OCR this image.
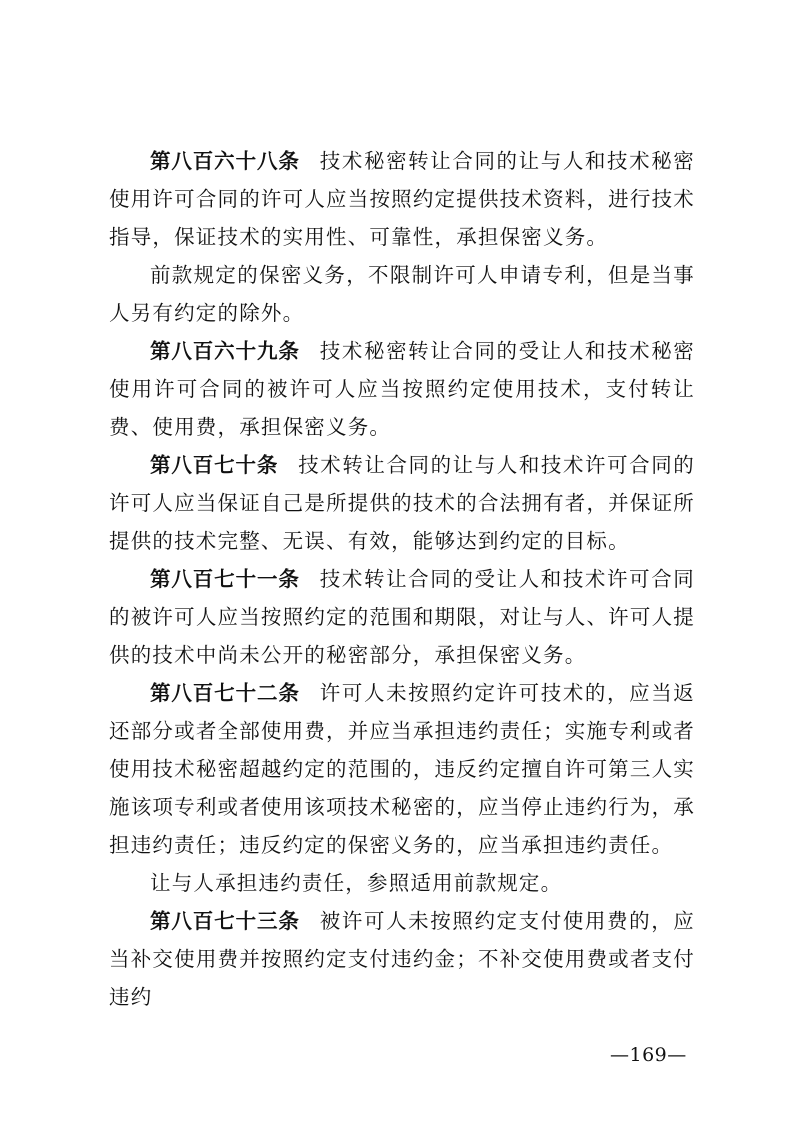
第八百六十八条 技术秘密转让合同的让与人和技术秘密使用许可合同的许可人应当按照约定提供技术资料，进行技术指导，保证技术的实用性、可靠性，承担保密义务。

前款规定的保密义务，不限制许可人申请专利，但是当事人另有约定的除外。

第八百六十九条 技术秘密转让合同的受让人和技术秘密使用许可合同的被许可人应当按照约定使用技术，支付转让费、使用费，承担保密义务。

第八百七十条 技术转让合同的让与人和技术许可合同的许可人应当保证自己是所提供的技术的合法拥有者，并保证所提供的技术完整、无误、有效，能够达到约定的目标。

第八百七十一条 技术转让合同的受让人和技术许可合同的被许可人应当按照约定的范围和期限，对让与人、许可人提供的技术中尚未公开的秘密部分，承担保密义务。

第八百七十二条 许可人未按照约定许可技术的，应当返还部分或者全部使用费，并应当承担违约责任；实施专利或者使用技术秘密超越约定的范围的，违反约定擅自许可第三人实施该项专利或者使用该项技术秘密的，应当停止违约行为，承担违约责任；违反约定的保密义务的，应当承担违约责任。

让与人承担违约责任，参照适用前款规定。

第八百七十三条 被许可人未按照约定支付使用费的，应当补交使用费并按照约定支付违约金；不补交使用费或者支付违约

—169—
